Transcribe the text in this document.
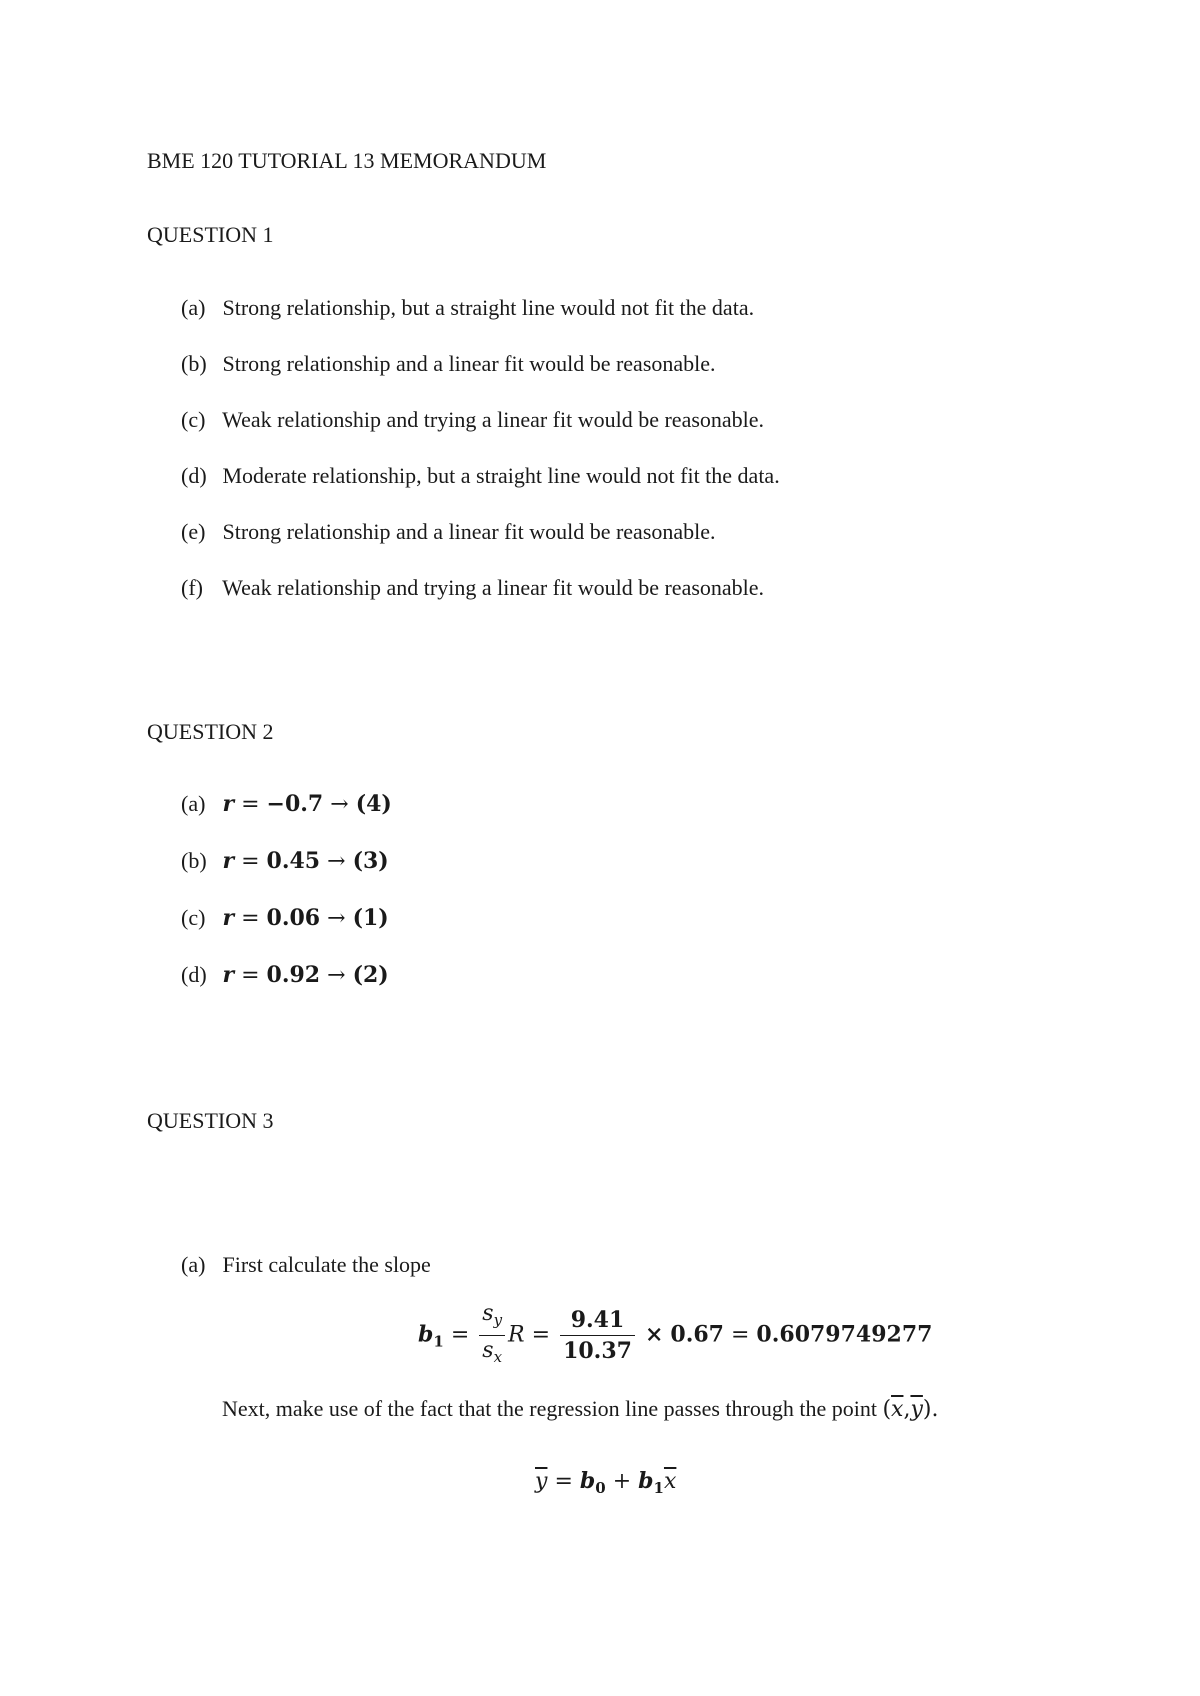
BME 120 TUTORIAL 13 MEMORANDUM
QUESTION 1
(a) Strong relationship, but a straight line would not fit the data.
(b) Strong relationship and a linear fit would be reasonable.
(c) Weak relationship and trying a linear fit would be reasonable.
(d) Moderate relationship, but a straight line would not fit the data.
(e) Strong relationship and a linear fit would be reasonable.
(f) Weak relationship and trying a linear fit would be reasonable.
QUESTION 2
(a) r = −0.7 → (4)
(b) r = 0.45 → (3)
(c) r = 0.06 → (1)
(d) r = 0.92 → (2)
QUESTION 3
(a) First calculate the slope
$b_1 = \frac{s_y}{s_x}$ $R = \frac{9.41}{10.37} \times 0.67 = 0.6079749277$
Next, make use of the fact that the regression line passes through the point $(\overline{x},\overline{y})$.
$\overline{y} = b_0 + b_1\overline{x}$
